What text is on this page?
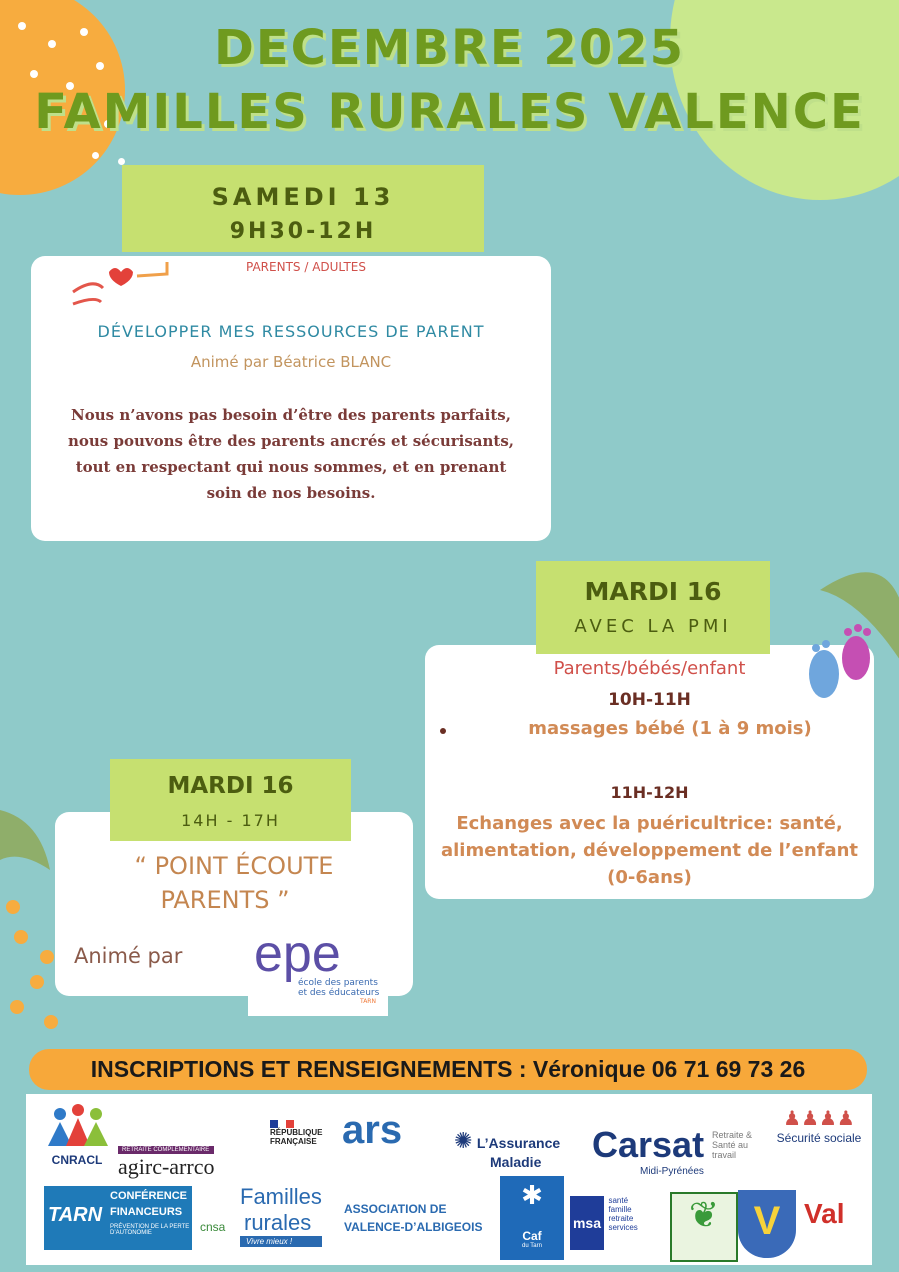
DECEMBRE 2025
FAMILLES RURALES VALENCE
SAMEDI 13
9H30-12H
PARENTS / ADULTES
DÉVELOPPER MES RESSOURCES DE PARENT
Animé par Béatrice BLANC
Nous n’avons pas besoin d’être des parents parfaits, nous pouvons être des parents ancrés et sécurisants, tout en respectant qui nous sommes, et en prenant soin de nos besoins.
MARDI 16
AVEC LA PMI
Parents/bébés/enfant
10H-11H
massages bébé (1 à 9 mois)
11H-12H
Echanges avec la puéricultrice: santé, alimentation, développement de l’enfant (0-6ans)
MARDI 16
14H - 17H
“ POINT ÉCOUTE
PARENTS ”
Animé par epe
école des parents
et des éducateurs
TARN
INSCRIPTIONS ET RENSEIGNEMENTS : Véronique 06 71 69 73 26
CNRACL
RETRAITE COMPLÉMENTAIRE
agirc-arrco
RÉPUBLIQUE FRANÇAISE ars ✺ L’Assurance
Maladie	Carsat Retraite & Santé au travail
Midi-Pyrénées
♟♟♟♟
Sécurité sociale
TARN
CONFÉRENCE
FINANCEURS
PRÉVENTION DE LA PERTE D’AUTONOMIE	cnsa
Familles
rurales
Vivre mieux !
ASSOCIATION DE
VALENCE-D’ALBIGEOIS
✱
Caf
du Tarn
msa santé famille retraite services	❦ V Val
